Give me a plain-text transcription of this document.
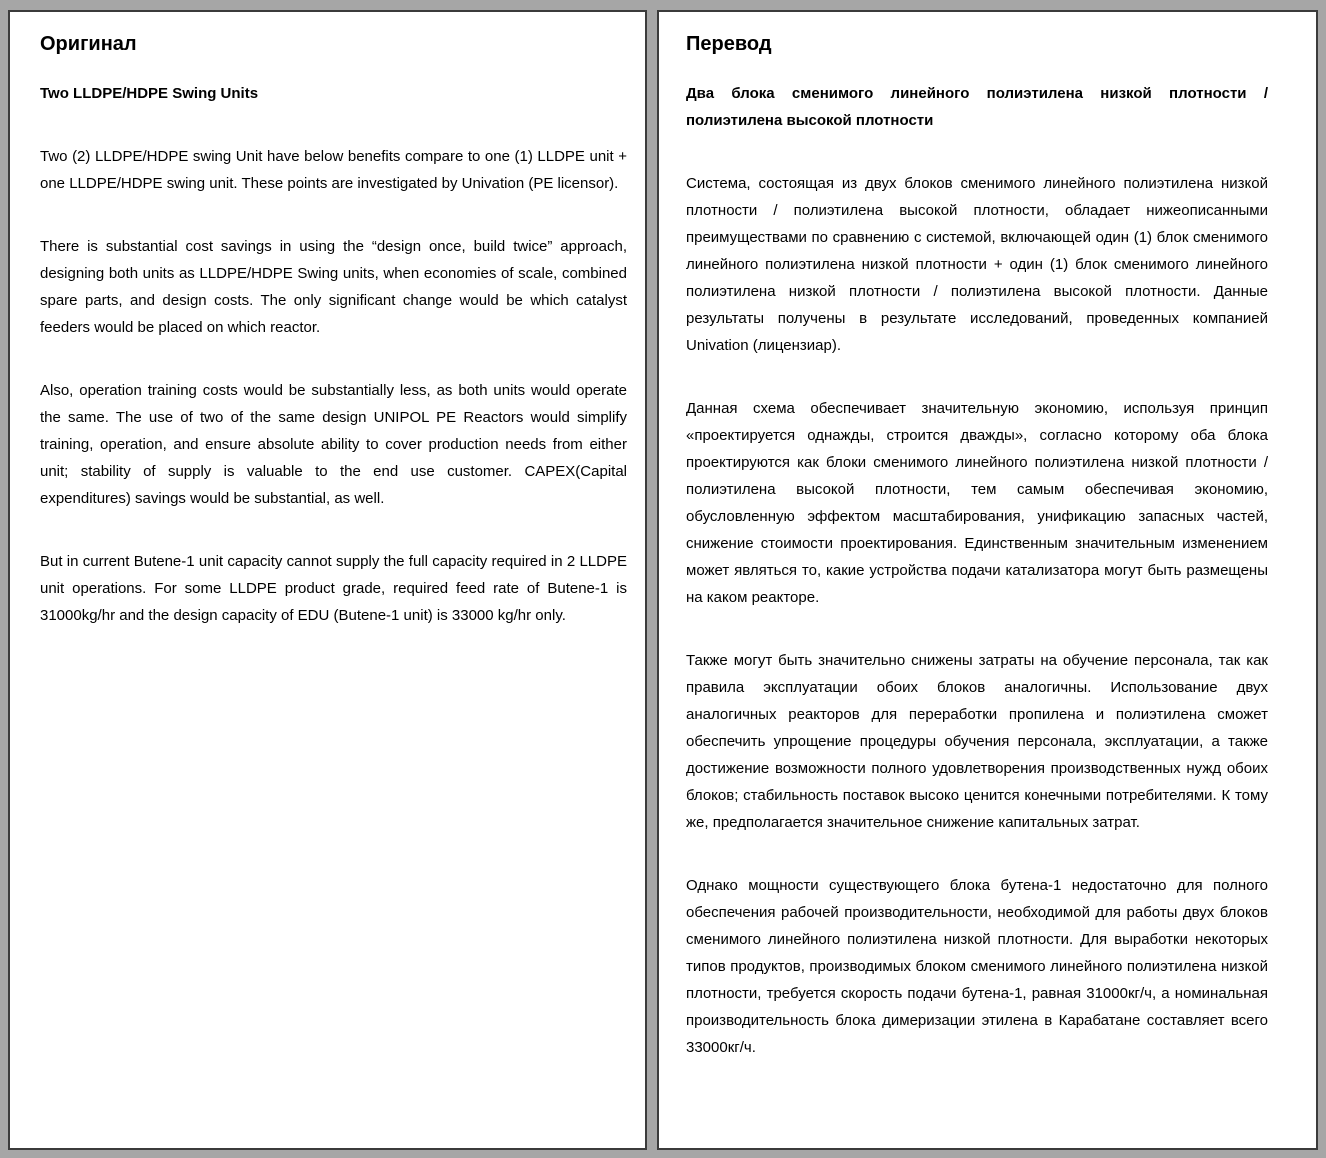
Оригинал
Two LLDPE/HDPE Swing Units

Two (2) LLDPE/HDPE swing Unit have below benefits compare to one (1) LLDPE unit + one LLDPE/HDPE swing unit. These points are investigated by Univation (PE licensor).

There is substantial cost savings in using the “design once, build twice” approach, designing both units as LLDPE/HDPE Swing units, when economies of scale, combined spare parts, and design costs. The only significant change would be which catalyst feeders would be placed on which reactor.

Also, operation training costs would be substantially less, as both units would operate the same. The use of two of the same design UNIPOL PE Reactors would simplify training, operation, and ensure absolute ability to cover production needs from either unit; stability of supply is valuable to the end use customer. CAPEX(Capital expenditures) savings would be substantial, as well.

But in current Butene-1 unit capacity cannot supply the full capacity required in 2 LLDPE unit operations. For some LLDPE product grade, required feed rate of Butene-1 is 31000kg/hr and the design capacity of EDU (Butene-1 unit) is 33000 kg/hr only.

Перевод
Два блока сменимого линейного полиэтилена низкой плотности / полиэтилена высокой плотности

Система, состоящая из двух блоков сменимого линейного полиэтилена низкой плотности / полиэтилена высокой плотности, обладает нижеописанными преимуществами по сравнению с системой, включающей один (1) блок сменимого линейного полиэтилена низкой плотности + один (1) блок сменимого линейного полиэтилена низкой плотности / полиэтилена высокой плотности. Данные результаты получены в результате исследований, проведенных компанией Univation (лицензиар).

Данная схема обеспечивает значительную экономию, используя принцип «проектируется однажды, строится дважды», согласно которому оба блока проектируются как блоки сменимого линейного полиэтилена низкой плотности / полиэтилена высокой плотности, тем самым обеспечивая экономию, обусловленную эффектом масштабирования, унификацию запасных частей, снижение стоимости проектирования. Единственным значительным изменением может являться то, какие устройства подачи катализатора могут быть размещены на каком реакторе.

Также могут быть значительно снижены затраты на обучение персонала, так как правила эксплуатации обоих блоков аналогичны. Использование двух аналогичных реакторов для переработки пропилена и полиэтилена сможет обеспечить упрощение процедуры обучения персонала, эксплуатации, а также достижение возможности полного удовлетворения производственных нужд обоих блоков; стабильность поставок высоко ценится конечными потребителями. К тому же, предполагается значительное снижение капитальных затрат.

Однако мощности существующего блока бутена-1 недостаточно для полного обеспечения рабочей производительности, необходимой для работы двух блоков сменимого линейного полиэтилена низкой плотности. Для выработки некоторых типов продуктов, производимых блоком сменимого линейного полиэтилена низкой плотности, требуется скорость подачи бутена-1, равная 31000кг/ч, а номинальная производительность блока димеризации этилена в Карабатане составляет всего 33000кг/ч.
